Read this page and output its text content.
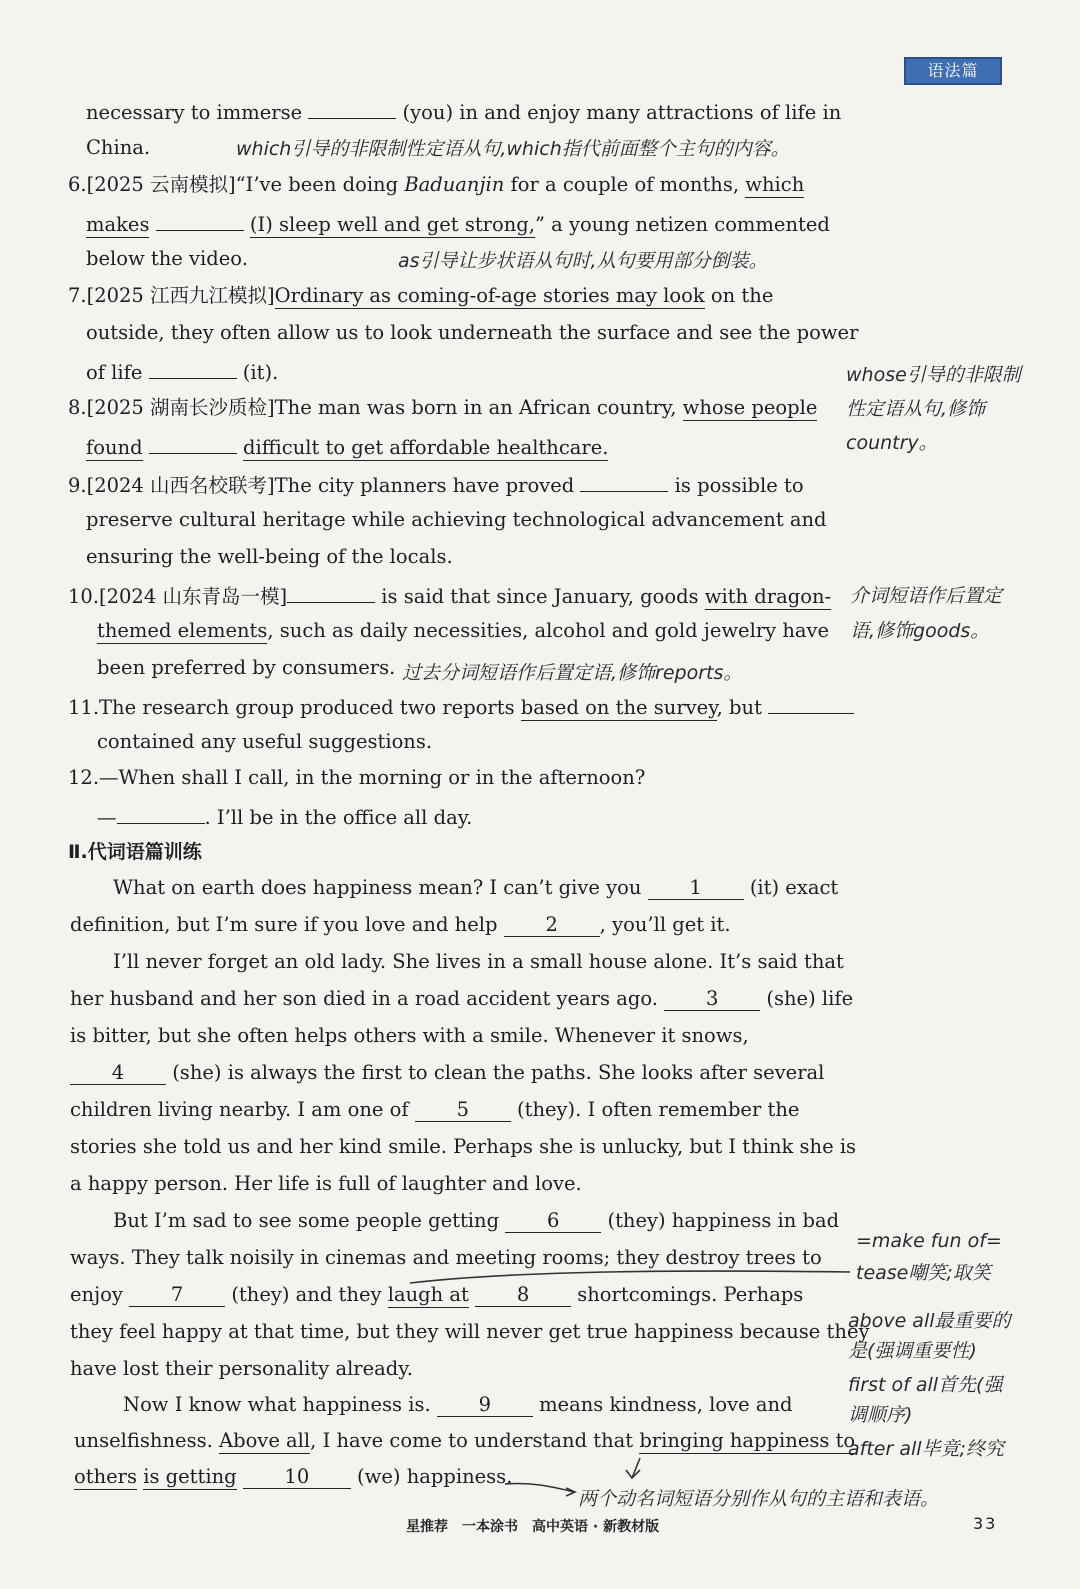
语法篇
necessary to immerse	(you) in and enjoy many attractions of life in
China.	which引导的非限制性定语从句,which指代前面整个主句的内容。
6.[2025 云南模拟]“I’ve been doing Baduanjin for a couple of months, which
makes	(I) sleep well and get strong,” a young netizen commented
below the video.	as引导让步状语从句时,从句要用部分倒装。
7.[2025 江西九江模拟]Ordinary as coming-of-age stories may look on the
outside, they often allow us to look underneath the surface and see the power
of life	(it).
8.[2025 湖南长沙质检]The man was born in an African country, whose people
found	difficult to get affordable healthcare.
whose引导的非限制
性定语从句,修饰
country。
9.[2024 山西名校联考]The city planners have proved	is possible to
preserve cultural heritage while achieving technological advancement and
ensuring the well-being of the locals.
10.[2024 山东青岛一模]	is said that since January, goods with dragon-
themed elements, such as daily necessities, alcohol and gold jewelry have
been preferred by consumers. 过去分词短语作后置定语,修饰reports。
介词短语作后置定
语,修饰goods。
11.The research group produced two reports based on the survey, but
contained any useful suggestions.
12.—When shall I call, in the morning or in the afternoon?
—	. I’ll be in the office all day.
Ⅱ.代词语篇训练
What on earth does happiness mean? I can’t give you 1 (it) exact
definition, but I’m sure if you love and help 2 , you’ll get it.
I’ll never forget an old lady. She lives in a small house alone. It’s said that
her husband and her son died in a road accident years ago. 3 (she) life
is bitter, but she often helps others with a smile. Whenever it snows,
4 (she) is always the first to clean the paths. She looks after several
children living nearby. I am one of 5 (they). I often remember the
stories she told us and her kind smile. Perhaps she is unlucky, but I think she is
a happy person. Her life is full of laughter and love.
But I’m sad to see some people getting 6 (they) happiness in bad
ways. They talk noisily in cinemas and meeting rooms; they destroy trees to
enjoy 7 (they) and they laugh at 8 shortcomings. Perhaps
they feel happy at that time, but they will never get true happiness because they
have lost their personality already.
Now I know what happiness is. 9 means kindness, love and
unselfishness. Above all, I have come to understand that bringing happiness to
others is getting 10 (we) happiness.
两个动名词短语分别作从句的主语和表语。
=make fun of=
tease嘲笑;取笑
above all最重要的
是(强调重要性)
first of all首先(强
调顺序)
after all毕竟;终究
星推荐　一本涂书　高中英语 · 新教材版	33
